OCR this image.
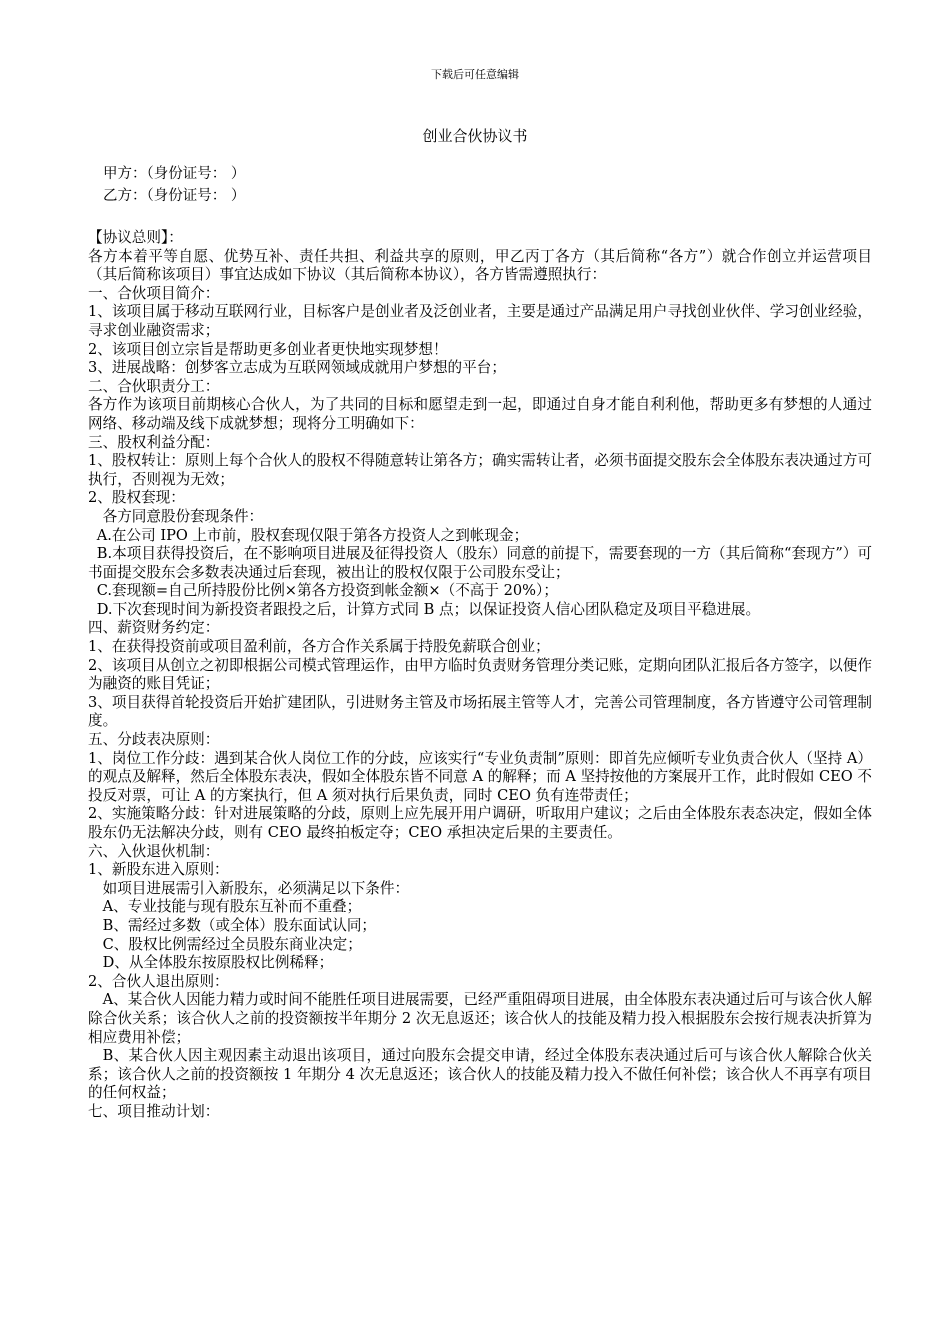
下载后可任意编辑
创业合伙协议书
甲方：（身份证号： ）
乙方：（身份证号： ）

【协议总则】：

各方本着平等自愿、优势互补、责任共担、利益共享的原则，甲乙丙丁各方（其后简称“各方”）就合作创立并运营项目（其后简称该项目）事宜达成如下协议（其后简称本协议），各方皆需遵照执行：

一、合伙项目简介：

1、该项目属于移动互联网行业，目标客户是创业者及泛创业者，主要是通过产品满足用户寻找创业伙伴、学习创业经验，寻求创业融资需求；

2、该项目创立宗旨是帮助更多创业者更快地实现梦想！

3、进展战略：创梦客立志成为互联网领域成就用户梦想的平台；

二、合伙职责分工：

各方作为该项目前期核心合伙人，为了共同的目标和愿望走到一起，即通过自身才能自利利他，帮助更多有梦想的人通过网络、移动端及线下成就梦想；现将分工明确如下：

三、股权利益分配：

1、股权转让：原则上每个合伙人的股权不得随意转让第各方；确实需转让者，必须书面提交股东会全体股东表决通过方可执行，否则视为无效；

2、股权套现：

各方同意股份套现条件：

A.在公司 IPO 上市前，股权套现仅限于第各方投资人之到帐现金；

B.本项目获得投资后，在不影响项目进展及征得投资人（股东）同意的前提下，需要套现的一方（其后简称“套现方”）可书面提交股东会多数表决通过后套现，被出让的股权仅限于公司股东受让；

C.套现额=自己所持股份比例×第各方投资到帐金额×（不高于 20%）；

D.下次套现时间为新投资者跟投之后，计算方式同 B 点；以保证投资人信心团队稳定及项目平稳进展。

四、薪资财务约定：

1、在获得投资前或项目盈利前，各方合作关系属于持股免薪联合创业；

2、该项目从创立之初即根据公司模式管理运作，由甲方临时负责财务管理分类记账，定期向团队汇报后各方签字，以便作为融资的账目凭证；

3、项目获得首轮投资后开始扩建团队，引进财务主管及市场拓展主管等人才，完善公司管理制度，各方皆遵守公司管理制度。

五、分歧表决原则：

1、岗位工作分歧：遇到某合伙人岗位工作的分歧，应该实行“专业负责制”原则：即首先应倾听专业负责合伙人（坚持 A）的观点及解释，然后全体股东表决，假如全体股东皆不同意 A 的解释；而 A 坚持按他的方案展开工作，此时假如 CEO 不投反对票，可让 A 的方案执行，但 A 须对执行后果负责，同时 CEO 负有连带责任；

2、实施策略分歧：针对进展策略的分歧，原则上应先展开用户调研，听取用户建议；之后由全体股东表态决定，假如全体股东仍无法解决分歧，则有 CEO 最终拍板定夺；CEO 承担决定后果的主要责任。

六、入伙退伙机制：

1、新股东进入原则：

如项目进展需引入新股东，必须满足以下条件：

A、专业技能与现有股东互补而不重叠；

B、需经过多数（或全体）股东面试认同；

C、股权比例需经过全员股东商业决定；

D、从全体股东按原股权比例稀释；

2、合伙人退出原则：

A、某合伙人因能力精力或时间不能胜任项目进展需要，已经严重阻碍项目进展，由全体股东表决通过后可与该合伙人解除合伙关系；该合伙人之前的投资额按半年期分 2 次无息返还；该合伙人的技能及精力投入根据股东会按行规表决折算为相应费用补偿；

B、某合伙人因主观因素主动退出该项目，通过向股东会提交申请，经过全体股东表决通过后可与该合伙人解除合伙关系；该合伙人之前的投资额按 1 年期分 4 次无息返还；该合伙人的技能及精力投入不做任何补偿；该合伙人不再享有项目的任何权益；

七、项目推动计划：
